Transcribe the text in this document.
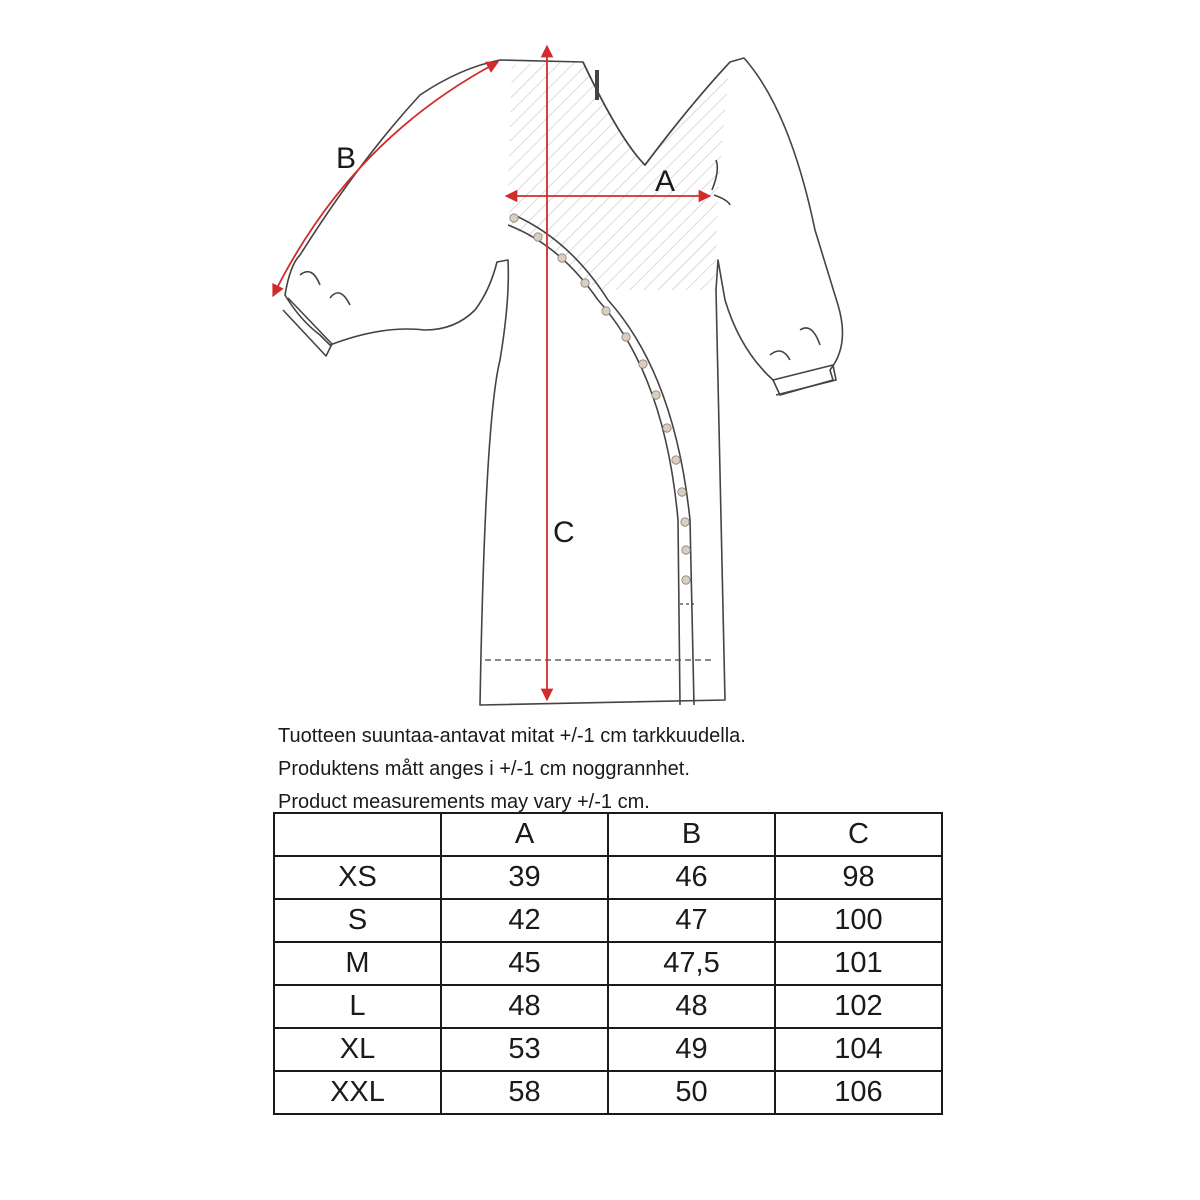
A
B
C
Tuotteen suuntaa-antavat mitat +/-1 cm tarkkuudella.
Produktens mått anges i +/-1 cm noggrannhet.
Product measurements may vary +/-1 cm.
	A	B	C
XS	39	46	98
S	42	47	100
M	45	47,5	101
L	48	48	102
XL	53	49	104
XXL	58	50	106
